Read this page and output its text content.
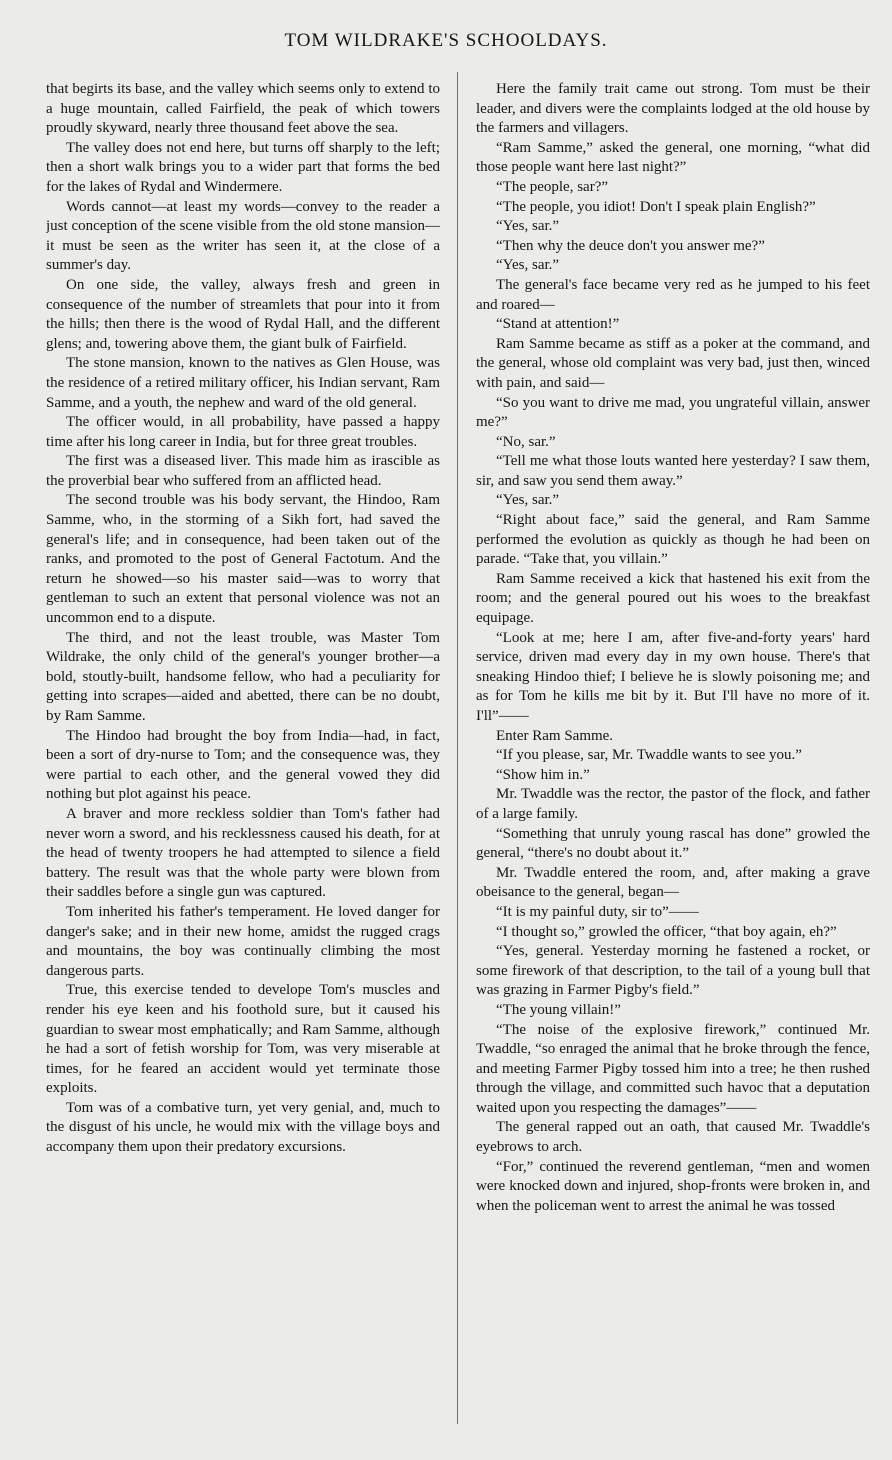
TOM WILDRAKE'S SCHOOLDAYS.

that begirts its base, and the valley which seems only to extend to a huge mountain, called Fairfield, the peak of which towers proudly skyward, nearly three thousand feet above the sea.

The valley does not end here, but turns off sharply to the left; then a short walk brings you to a wider part that forms the bed for the lakes of Rydal and Windermere.

Words cannot—at least my words—convey to the reader a just conception of the scene visible from the old stone mansion—it must be seen as the writer has seen it, at the close of a summer's day.

On one side, the valley, always fresh and green in consequence of the number of streamlets that pour into it from the hills; then there is the wood of Rydal Hall, and the different glens; and, towering above them, the giant bulk of Fairfield.

The stone mansion, known to the natives as Glen House, was the residence of a retired military officer, his Indian servant, Ram Samme, and a youth, the nephew and ward of the old general.

The officer would, in all probability, have passed a happy time after his long career in India, but for three great troubles.

The first was a diseased liver. This made him as irascible as the proverbial bear who suffered from an afflicted head.

The second trouble was his body servant, the Hindoo, Ram Samme, who, in the storming of a Sikh fort, had saved the general's life; and in consequence, had been taken out of the ranks, and promoted to the post of General Factotum. And the return he showed—so his master said—was to worry that gentleman to such an extent that personal violence was not an uncommon end to a dispute.

The third, and not the least trouble, was Master Tom Wildrake, the only child of the general's younger brother—a bold, stoutly-built, handsome fellow, who had a peculiarity for getting into scrapes—aided and abetted, there can be no doubt, by Ram Samme.

The Hindoo had brought the boy from India—had, in fact, been a sort of dry-nurse to Tom; and the consequence was, they were partial to each other, and the general vowed they did nothing but plot against his peace.

A braver and more reckless soldier than Tom's father had never worn a sword, and his recklessness caused his death, for at the head of twenty troopers he had attempted to silence a field battery. The result was that the whole party were blown from their saddles before a single gun was captured.

Tom inherited his father's temperament. He loved danger for danger's sake; and in their new home, amidst the rugged crags and mountains, the boy was continually climbing the most dangerous parts.

True, this exercise tended to develope Tom's muscles and render his eye keen and his foothold sure, but it caused his guardian to swear most emphatically; and Ram Samme, although he had a sort of fetish worship for Tom, was very miserable at times, for he feared an accident would yet terminate those exploits.

Tom was of a combative turn, yet very genial, and, much to the disgust of his uncle, he would mix with the village boys and accompany them upon their predatory excursions.

Here the family trait came out strong. Tom must be their leader, and divers were the complaints lodged at the old house by the farmers and villagers.

“Ram Samme,” asked the general, one morning, “what did those people want here last night?”

“The people, sar?”

“The people, you idiot! Don't I speak plain English?”

“Yes, sar.”

“Then why the deuce don't you answer me?”

“Yes, sar.”

The general's face became very red as he jumped to his feet and roared—

“Stand at attention!”

Ram Samme became as stiff as a poker at the command, and the general, whose old complaint was very bad, just then, winced with pain, and said—

“So you want to drive me mad, you ungrateful villain, answer me?”

“No, sar.”

“Tell me what those louts wanted here yesterday? I saw them, sir, and saw you send them away.”

“Yes, sar.”

“Right about face,” said the general, and Ram Samme performed the evolution as quickly as though he had been on parade. “Take that, you villain.”

Ram Samme received a kick that hastened his exit from the room; and the general poured out his woes to the breakfast equipage.

“Look at me; here I am, after five-and-forty years' hard service, driven mad every day in my own house. There's that sneaking Hindoo thief; I believe he is slowly poisoning me; and as for Tom he kills me bit by it. But I'll have no more of it. I'll”——

Enter Ram Samme.

“If you please, sar, Mr. Twaddle wants to see you.”

“Show him in.”

Mr. Twaddle was the rector, the pastor of the flock, and father of a large family.

“Something that unruly young rascal has done” growled the general, “there's no doubt about it.”

Mr. Twaddle entered the room, and, after making a grave obeisance to the general, began—

“It is my painful duty, sir to”——

“I thought so,” growled the officer, “that boy again, eh?”

“Yes, general. Yesterday morning he fastened a rocket, or some firework of that description, to the tail of a young bull that was grazing in Farmer Pigby's field.”

“The young villain!”

“The noise of the explosive firework,” continued Mr. Twaddle, “so enraged the animal that he broke through the fence, and meeting Farmer Pigby tossed him into a tree; he then rushed through the village, and committed such havoc that a deputation waited upon you respecting the damages”——

The general rapped out an oath, that caused Mr. Twaddle's eyebrows to arch.

“For,” continued the reverend gentleman, “men and women were knocked down and injured, shop-fronts were broken in, and when the policeman went to arrest the animal he was tossed
